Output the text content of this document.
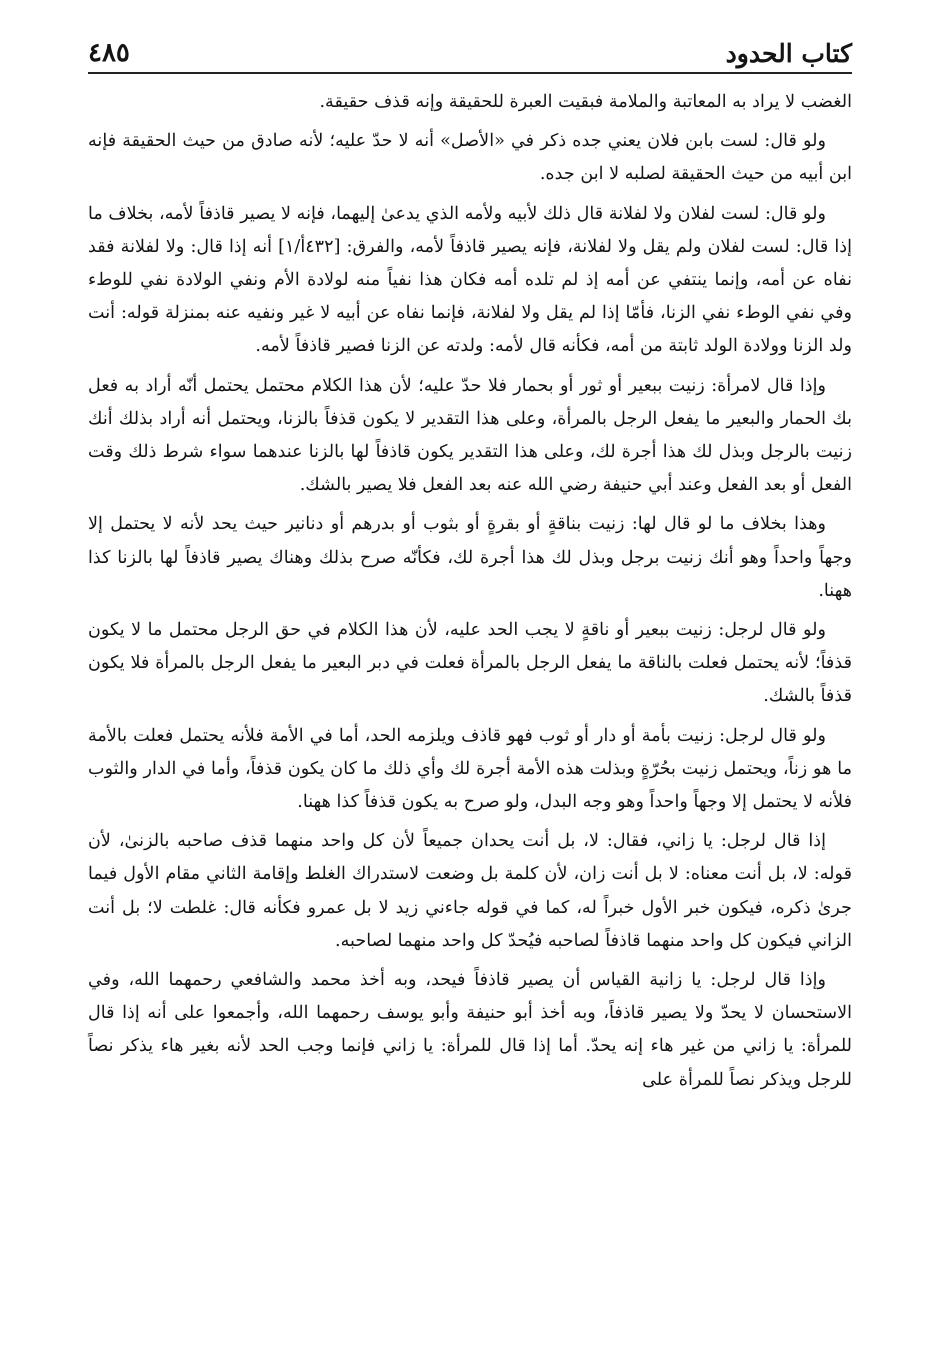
كتاب الحدود
٤٨٥

الغضب لا يراد به المعاتبة والملامة فبقيت العبرة للحقيقة وإنه قذف حقيقة.

ولو قال: لست بابن فلان يعني جده ذكر في «الأصل» أنه لا حدّ عليه؛ لأنه صادق من حيث الحقيقة فإنه ابن أبيه من حيث الحقيقة لصلبه لا ابن جده.

ولو قال: لست لفلان ولا لفلانة قال ذلك لأبيه ولأمه الذي يدعىٰ إليهما، فإنه لا يصير قاذفاً لأمه، بخلاف ما إذا قال: لست لفلان ولم يقل ولا لفلانة، فإنه يصير قاذفاً لأمه، والفرق: [٤٣٢أ/١] أنه إذا قال: ولا لفلانة فقد نفاه عن أمه، وإنما ينتفي عن أمه إذ لم تلده أمه فكان هذا نفياً منه لولادة الأم ونفي الولادة نفي للوطء وفي نفي الوطء نفي الزنا، فأمّا إذا لم يقل ولا لفلانة، فإنما نفاه عن أبيه لا غير ونفيه عنه بمنزلة قوله: أنت ولد الزنا وولادة الولد ثابتة من أمه، فكأنه قال لأمه: ولدته عن الزنا فصير قاذفاً لأمه.

وإذا قال لامرأة: زنيت ببعير أو ثور أو بحمار فلا حدّ عليه؛ لأن هذا الكلام محتمل يحتمل أنّه أراد به فعل بك الحمار والبعير ما يفعل الرجل بالمرأة، وعلى هذا التقدير لا يكون قذفاً بالزنا، ويحتمل أنه أراد بذلك أنك زنيت بالرجل وبذل لك هذا أجرة لك، وعلى هذا التقدير يكون قاذفاً لها بالزنا عندهما سواء شرط ذلك وقت الفعل أو بعد الفعل وعند أبي حنيفة رضي الله عنه بعد الفعل فلا يصير بالشك.

وهذا بخلاف ما لو قال لها: زنيت بناقةٍ أو بقرةٍ أو بثوب أو بدرهم أو دنانير حيث يحد لأنه لا يحتمل إلا وجهاً واحداً وهو أنك زنيت برجل وبذل لك هذا أجرة لك، فكأنّه صرح بذلك وهناك يصير قاذفاً لها بالزنا كذا ههنا.

ولو قال لرجل: زنيت ببعير أو ناقةٍ لا يجب الحد عليه، لأن هذا الكلام في حق الرجل محتمل ما لا يكون قذفاً؛ لأنه يحتمل فعلت بالناقة ما يفعل الرجل بالمرأة فعلت في دبر البعير ما يفعل الرجل بالمرأة فلا يكون قذفاً بالشك.

ولو قال لرجل: زنيت بأمة أو دار أو ثوب فهو قاذف ويلزمه الحد، أما في الأمة فلأنه يحتمل فعلت بالأمة ما هو زناً، ويحتمل زنيت بحُرّةٍ وبذلت هذه الأمة أجرة لك وأي ذلك ما كان يكون قذفاً، وأما في الدار والثوب فلأنه لا يحتمل إلا وجهاً واحداً وهو وجه البدل، ولو صرح به يكون قذفاً كذا ههنا.

إذا قال لرجل: يا زاني، فقال: لا، بل أنت يحدان جميعاً لأن كل واحد منهما قذف صاحبه بالزنىٰ، لأن قوله: لا، بل أنت معناه: لا بل أنت زان، لأن كلمة بل وضعت لاستدراك الغلط وإقامة الثاني مقام الأول فيما جرىٰ ذكره، فيكون خبر الأول خبراً له، كما في قوله جاءني زيد لا بل عمرو فكأنه قال: غلطت لا؛ بل أنت الزاني فيكون كل واحد منهما قاذفاً لصاحبه فيُحدّ كل واحد منهما لصاحبه.

وإذا قال لرجل: يا زانية القياس أن يصير قاذفاً فيحد، وبه أخذ محمد والشافعي رحمهما الله، وفي الاستحسان لا يحدّ ولا يصير قاذفاً، وبه أخذ أبو حنيفة وأبو يوسف رحمهما الله، وأجمعوا على أنه إذا قال للمرأة: يا زاني من غير هاء إنه يحدّ. أما إذا قال للمرأة: يا زاني فإنما وجب الحد لأنه بغير هاء يذكر نصاً للرجل ويذكر نصاً للمرأة على
